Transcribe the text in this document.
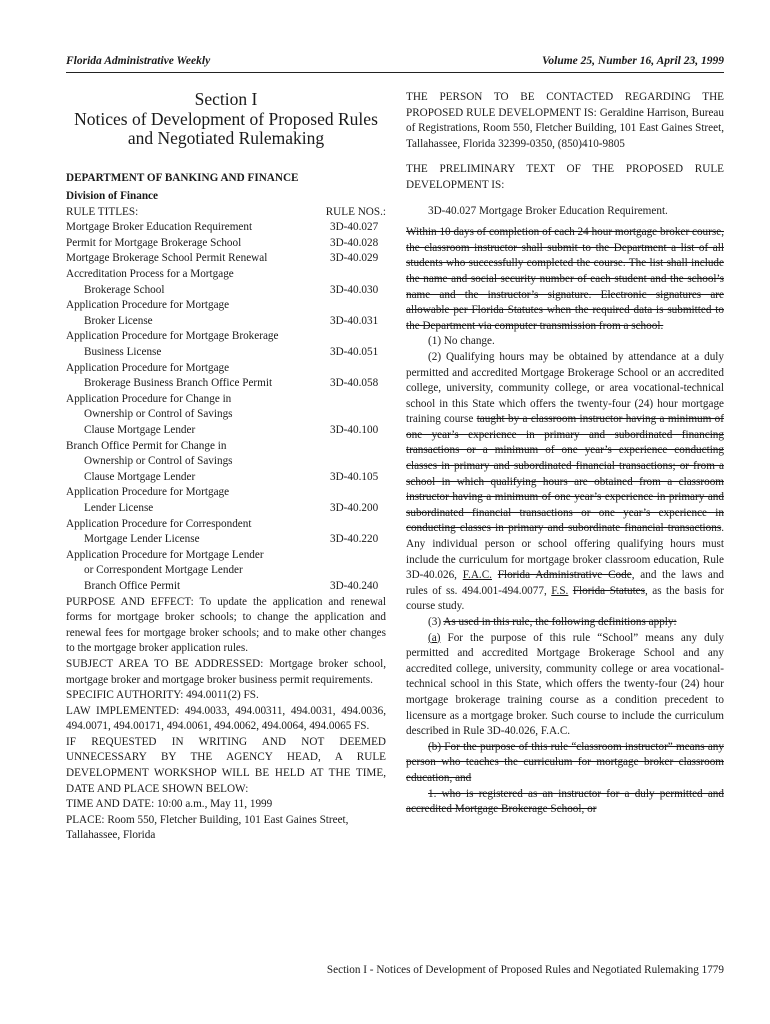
Florida Administrative Weekly	Volume 25, Number 16, April 23, 1999
Section I
Notices of Development of Proposed Rules
and Negotiated Rulemaking

DEPARTMENT OF BANKING AND FINANCE

Division of Finance

RULE TITLES:	RULE NOS.:
Mortgage Broker Education Requirement	3D-40.027
Permit for Mortgage Brokerage School	3D-40.028
Mortgage Brokerage School Permit Renewal	3D-40.029
Accreditation Process for a Mortgage
Brokerage School	3D-40.030
Application Procedure for Mortgage
Broker License	3D-40.031
Application Procedure for Mortgage Brokerage
Business License	3D-40.051
Application Procedure for Mortgage
Brokerage Business Branch Office Permit	3D-40.058
Application Procedure for Change in
Ownership or Control of Savings
Clause Mortgage Lender	3D-40.100
Branch Office Permit for Change in
Ownership or Control of Savings
Clause Mortgage Lender	3D-40.105
Application Procedure for Mortgage
Lender License	3D-40.200
Application Procedure for Correspondent
Mortgage Lender License	3D-40.220
Application Procedure for Mortgage Lender
or Correspondent Mortgage Lender
Branch Office Permit	3D-40.240

PURPOSE AND EFFECT: To update the application and renewal forms for mortgage broker schools; to change the application and renewal fees for mortgage broker schools; and to make other changes to the mortgage broker application rules.

SUBJECT AREA TO BE ADDRESSED: Mortgage broker school, mortgage broker and mortgage broker business permit requirements.

SPECIFIC AUTHORITY: 494.0011(2) FS.

LAW IMPLEMENTED: 494.0033, 494.00311, 494.0031, 494.0036, 494.0071, 494.00171, 494.0061, 494.0062, 494.0064, 494.0065 FS.

IF REQUESTED IN WRITING AND NOT DEEMED UNNECESSARY BY THE AGENCY HEAD, A RULE DEVELOPMENT WORKSHOP WILL BE HELD AT THE TIME, DATE AND PLACE SHOWN BELOW:

TIME AND DATE: 10:00 a.m., May 11, 1999

PLACE: Room 550, Fletcher Building, 101 East Gaines Street, Tallahassee, Florida

THE PERSON TO BE CONTACTED REGARDING THE PROPOSED RULE DEVELOPMENT IS: Geraldine Harrison, Bureau of Registrations, Room 550, Fletcher Building, 101 East Gaines Street, Tallahassee, Florida 32399-0350, (850)410-9805

THE PRELIMINARY TEXT OF THE PROPOSED RULE DEVELOPMENT IS:

3D-40.027 Mortgage Broker Education Requirement.

Within 10 days of completion of each 24 hour mortgage broker course, the classroom instructor shall submit to the Department a list of all students who successfully completed the course. The list shall include the name and social security number of each student and the school’s name and the instructor’s signature. Electronic signatures are allowable per Florida Statutes when the required data is submitted to the Department via computer transmission from a school.

(1) No change.

(2) Qualifying hours may be obtained by attendance at a duly permitted and accredited Mortgage Brokerage School or an accredited college, university, community college, or area vocational-technical school in this State which offers the twenty-four (24) hour mortgage training course taught by a classroom instructor having a minimum of one year’s experience in primary and subordinated financing transactions or a minimum of one year’s experience conducting classes in primary and subordinated financial transactions; or from a school in which qualifying hours are obtained from a classroom instructor having a minimum of one year’s experience in primary and subordinated financial transactions or one year’s experience in conducting classes in primary and subordinate financial transactions. Any individual person or school offering qualifying hours must include the curriculum for mortgage broker classroom education, Rule 3D-40.026, F.A.C. Florida Administrative Code, and the laws and rules of ss. 494.001-494.0077, F.S. Florida Statutes, as the basis for course study.

(3) As used in this rule, the following definitions apply:

(a) For the purpose of this rule “School” means any duly permitted and accredited Mortgage Brokerage School and any accredited college, university, community college or area vocational-technical school in this State, which offers the twenty-four (24) hour mortgage brokerage training course as a condition precedent to licensure as a mortgage broker. Such course to include the curriculum described in Rule 3D-40.026, F.A.C.

(b) For the purpose of this rule “classroom instructor” means any person who teaches the curriculum for mortgage broker classroom education, and

1. who is registered as an instructor for a duly permitted and accredited Mortgage Brokerage School, or

Section I - Notices of Development of Proposed Rules and Negotiated Rulemaking 1779
